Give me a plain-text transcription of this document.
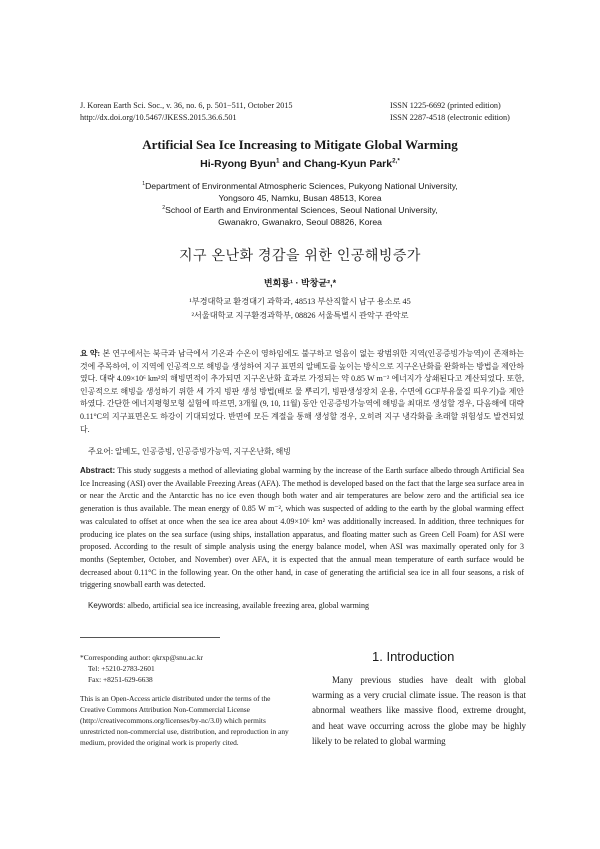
J. Korean Earth Sci. Soc., v. 36, no. 6, p. 501−511, October 2015
http://dx.doi.org/10.5467/JKESS.2015.36.6.501
ISSN 1225-6692 (printed edition)
ISSN 2287-4518 (electronic edition)
Artificial Sea Ice Increasing to Mitigate Global Warming
Hi-Ryong Byun$^1$ and Chang-Kyun Park$^{2,*}$
$^1$Department of Environmental Atmospheric Sciences, Pukyong National University,
Yongsoro 45, Namku, Busan 48513, Korea
$^2$School of Earth and Environmental Sciences, Seoul National University,
Gwanakro, Gwanakro, Seoul 08826, Korea
지구 온난화 경감을 위한 인공해빙증가
변희룡¹ · 박창균²,*
¹부경대학교 환경대기 과학과, 48513 부산직할시 남구 용소로 45
²서울대학교 지구환경과학부, 08826 서울특별시 관악구 관악로
요 약: 본 연구에서는 북극과 남극에서 기온과 수온이 영하임에도 불구하고 얼음이 없는 광범위한 지역(인공증빙가능역)이 존재하는 것에 주목하여, 이 지역에 인공적으로 해빙을 생성하여 지구 표면의 알베도를 높이는 방식으로 지구온난화를 완화하는 방법을 제안하였다. 대략 4.09×10⁶ km²의 해빙면적이 추가되면 지구온난화 효과로 가정되는 약 0.85 W m⁻² 에너지가 상쇄된다고 계산되었다. 또한, 인공적으로 해빙을 생성하기 위한 세 가지 빙판 생성 방법(배로 물 뿌리기, 빙판생성장치 운용, 수면에 GCF부유물질 띄우기)을 제안하였다. 간단한 에너지평형모형 실험에 따르면, 3개월 (9, 10, 11월) 동안 인공증빙가능역에 해빙을 최대로 생성할 경우, 다음해에 대략 0.11°C의 지구표면온도 하강이 기대되었다. 반면에 모든 계절을 통해 생성할 경우, 오히려 지구 냉각화를 초래할 위험성도 발견되었다.
주요어: 알베도, 인공증빙, 인공증빙가능역, 지구온난화, 해빙
Abstract: This study suggests a method of alleviating global warming by the increase of the Earth surface albedo through Artificial Sea Ice Increasing (ASI) over the Available Freezing Areas (AFA). The method is developed based on the fact that the large sea surface area in or near the Arctic and the Antarctic has no ice even though both water and air temperatures are below zero and the artificial sea ice generation is thus available. The mean energy of 0.85 W m⁻², which was suspected of adding to the earth by the global warming effect was calculated to offset at once when the sea ice area about 4.09×10⁶ km² was additionally increased. In addition, three techniques for producing ice plates on the sea surface (using ships, installation apparatus, and floating matter such as Green Cell Foam) for ASI were proposed. According to the result of simple analysis using the energy balance model, when ASI was maximally operated only for 3 months (September, October, and November) over AFA, it is expected that the annual mean temperature of earth surface would be decreased about 0.11°C in the following year. On the other hand, in case of generating the artificial sea ice in all four seasons, a risk of triggering snowball earth was detected.
Keywords: albedo, artificial sea ice increasing, available freezing area, global warming
*Corresponding author: qkrxp@snu.ac.kr
Tel: +5210-2783-2601
Fax: +8251-629-6638
This is an Open-Access article distributed under the terms of the Creative Commons Attribution Non-Commercial License (http://creativecommons.org/licenses/by-nc/3.0) which permits unrestricted non-commercial use, distribution, and reproduction in any medium, provided the original work is properly cited.
1. Introduction

Many previous studies have dealt with global warming as a very crucial climate issue. The reason is that abnormal weathers like massive flood, extreme drought, and heat wave occurring across the globe may be highly likely to be related to global warming
